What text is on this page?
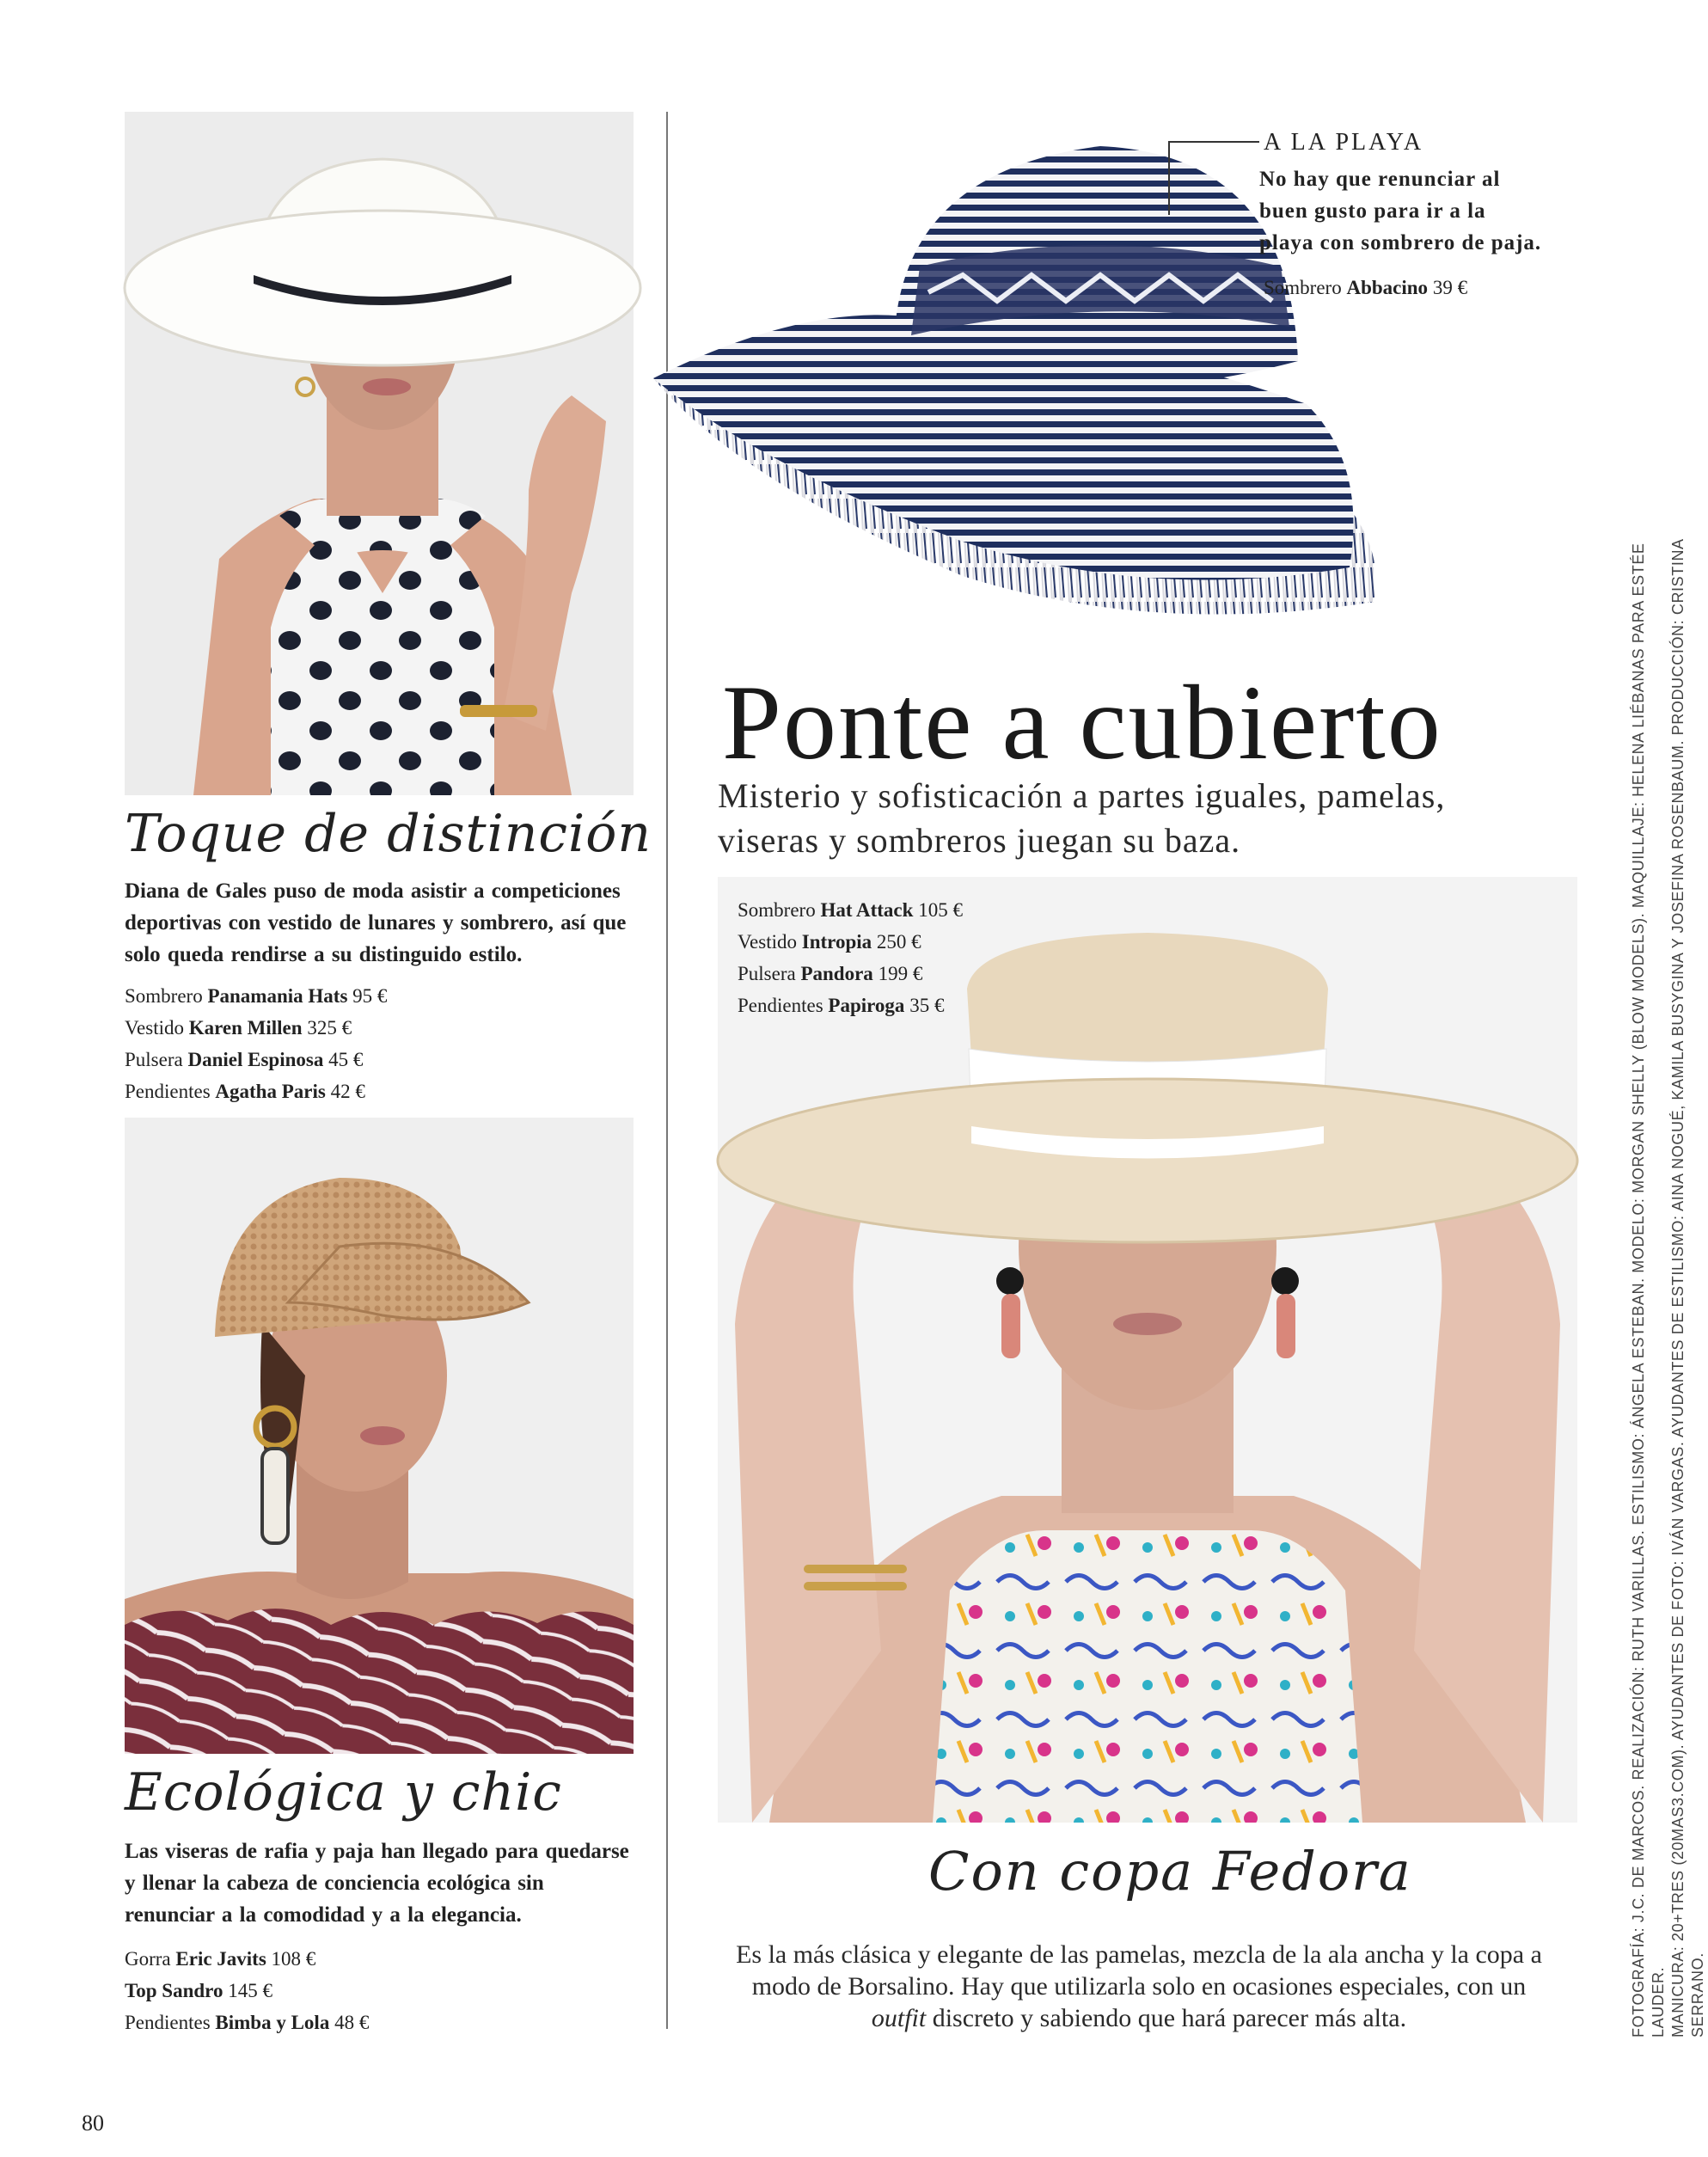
Toque de distinción
Diana de Gales puso de moda asistir a competiciones deportivas con vestido de lunares y sombrero, así que solo queda rendirse a su distinguido estilo.
Sombrero Panamania Hats 95 €
Vestido Karen Millen 325 €
Pulsera Daniel Espinosa 45 €
Pendientes Agatha Paris 42 €
Ecológica y chic
Las viseras de rafia y paja han llegado para quedarse y llenar la cabeza de conciencia ecológica sin renunciar a la comodidad y a la elegancia.
Gorra Eric Javits 108 €
Top Sandro 145 €
Pendientes Bimba y Lola 48 €
A LA PLAYA
No hay que renunciar al buen gusto para ir a la playa con sombrero de paja.
Sombrero Abbacino 39 €
Ponte a cubierto
Misterio y sofisticación a partes iguales, pamelas, viseras y sombreros juegan su baza.
Sombrero Hat Attack 105 €
Vestido Intropia 250 €
Pulsera Pandora 199 €
Pendientes Papiroga 35 €
Con copa Fedora
Es la más clásica y elegante de las pamelas, mezcla de la ala ancha y la copa a modo de Borsalino. Hay que utilizarla solo en ocasiones especiales, con un outfit discreto y sabiendo que hará parecer más alta.	FOTOGRAFÍA: J.C. DE MARCOS. REALIZACIÓN: RUTH VARILLAS. ESTILISMO: ÁNGELA ESTEBAN. MODELO: MORGAN SHELLY (BLOW MODELS). MAQUILLAJE: HELENA LIÉBANAS PARA ESTÉE LAUDER. MANICURA: 20+TRES (20MAS3.COM). AYUDANTES DE FOTO: IVÁN VARGAS. AYUDANTES DE ESTILISMO: AINA NOGUÉ, KAMILA BUSYGINA Y JOSEFINA ROSENBAUM. PRODUCCIÓN: CRISTINA SERRANO.
80
